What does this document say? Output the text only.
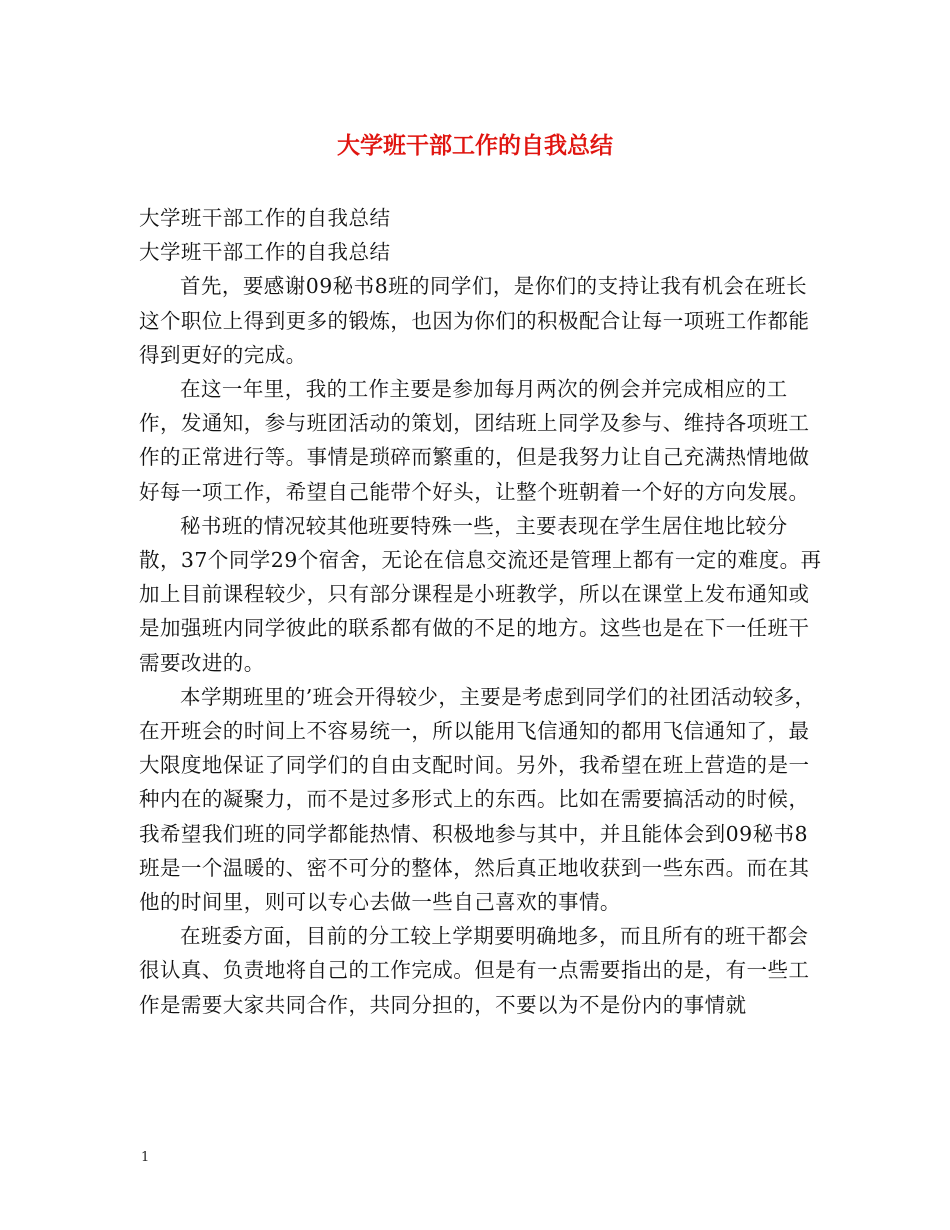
大学班干部工作的自我总结

大学班干部工作的自我总结

大学班干部工作的自我总结

首先，要感谢09秘书8班的同学们，是你们的支持让我有机会在班长这个职位上得到更多的锻炼，也因为你们的积极配合让每一项班工作都能得到更好的完成。

在这一年里，我的工作主要是参加每月两次的例会并完成相应的工作，发通知，参与班团活动的策划，团结班上同学及参与、维持各项班工作的正常进行等。事情是琐碎而繁重的，但是我努力让自己充满热情地做好每一项工作，希望自己能带个好头，让整个班朝着一个好的方向发展。

秘书班的情况较其他班要特殊一些，主要表现在学生居住地比较分散，37个同学29个宿舍，无论在信息交流还是管理上都有一定的难度。再加上目前课程较少，只有部分课程是小班教学，所以在课堂上发布通知或是加强班内同学彼此的联系都有做的不足的地方。这些也是在下一任班干需要改进的。

本学期班里的’班会开得较少，主要是考虑到同学们的社团活动较多，在开班会的时间上不容易统一，所以能用飞信通知的都用飞信通知了，最大限度地保证了同学们的自由支配时间。另外，我希望在班上营造的是一种内在的凝聚力，而不是过多形式上的东西。比如在需要搞活动的时候，我希望我们班的同学都能热情、积极地参与其中，并且能体会到09秘书8班是一个温暖的、密不可分的整体，然后真正地收获到一些东西。而在其他的时间里，则可以专心去做一些自己喜欢的事情。

在班委方面，目前的分工较上学期要明确地多，而且所有的班干都会很认真、负责地将自己的工作完成。但是有一点需要指出的是，有一些工作是需要大家共同合作，共同分担的，不要以为不是份内的事情就

1
